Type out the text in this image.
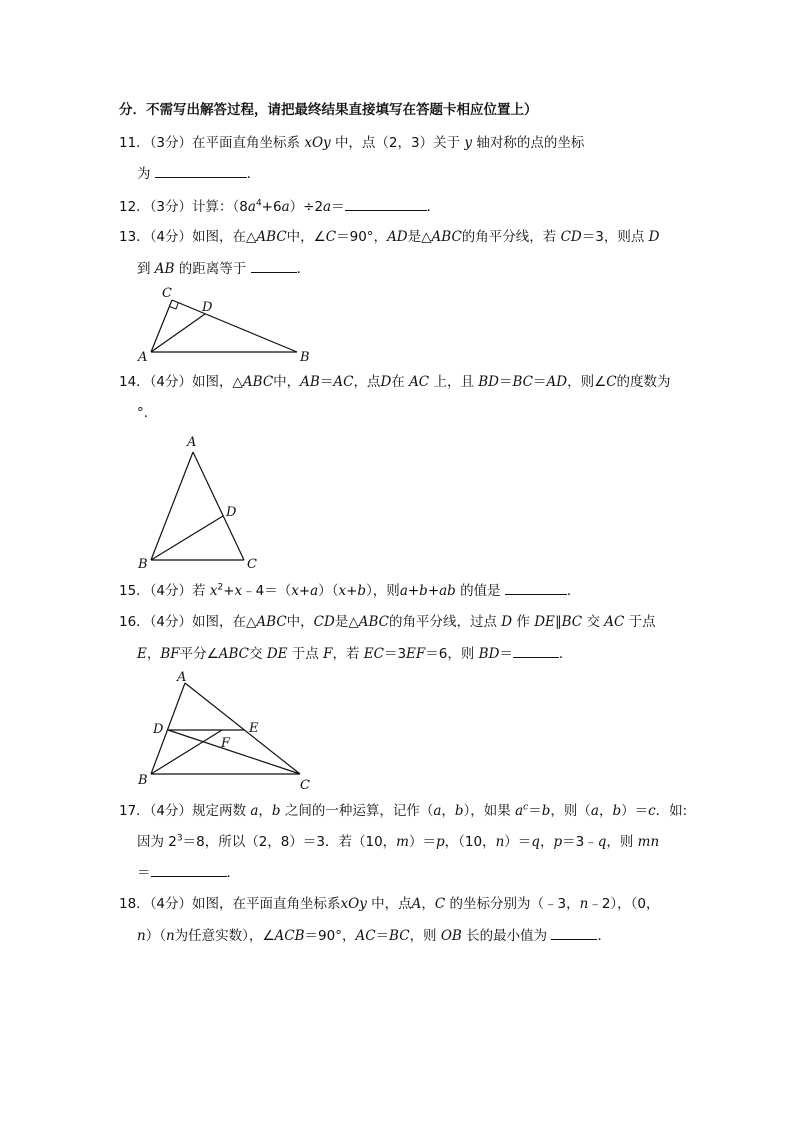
分．不需写出解答过程，请把最终结果直接填写在答题卡相应位置上）
11．（3分）在平面直角坐标系 xOy 中，点（2，3）关于 y 轴对称的点的坐标
为	．
12．（3分）计算：$(8a^4+6a)\div 2a=$	．
13．（4分）如图，在△ABC中，∠C＝90°，AD是△ABC的角平分线，若 CD＝3，则点 D
到 AB 的距离等于	．
C
D
A	B
14．（4分）如图，△ABC中，AB＝AC，点D在 AC 上，且 BD＝BC＝AD，则∠C的度数为
°．
A
D
B	C
15．（4分）若 $x^2+x﹣4=(x+a)(x+b)$，则a+b+ab 的值是	．
16．（4分）如图，在△ABC中，CD是△ABC的角平分线，过点 D 作 DE∥BC 交 AC 于点
E，BF平分∠ABC交 DE 于点 F，若 EC＝3EF＝6，则 BD＝	．
A
D	E
F
B	C
17．（4分）规定两数 a，b 之间的一种运算，记作（a，b），如果 $a^c=b$，则（a，b）＝c．如:
因为 $2^3=8$，所以（2，8）＝3．若（10，m）＝p，（10，n）＝q，p＝3﹣q，则 mn
＝	．
18．（4分）如图，在平面直角坐标系xOy 中，点A，C 的坐标分别为（﹣3，n﹣2），（0，
n）（n为任意实数），∠ACB＝90°，AC＝BC，则 OB 长的最小值为	．
